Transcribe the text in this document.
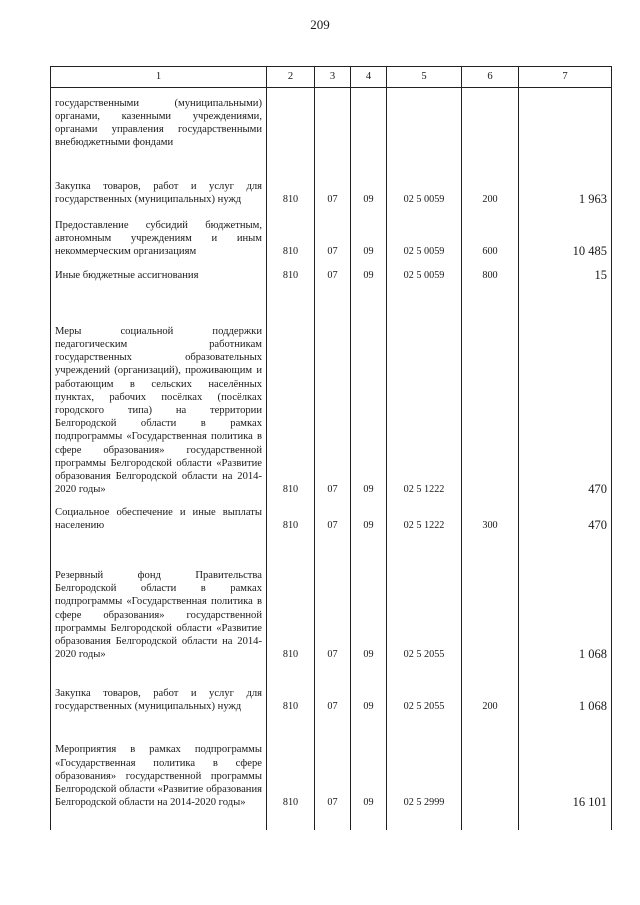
209
1	2	3	4	5	6	7
государственными (муниципальными) органами, казенными учреждениями, органами управления государственными внебюджетными фондами						
Закупка товаров, работ и услуг для государственных (муниципальных) нужд	810	07	09	02 5 0059	200	1 963
Предоставление субсидий бюджетным, автономным учреждениям и иным некоммерческим организациям	810	07	09	02 5 0059	600	10 485
Иные бюджетные ассигнования	810	07	09	02 5 0059	800	15
Меры социальной поддержки педагогическим работникам государственных образовательных учреждений (организаций), проживающим и работающим в сельских населённых пунктах, рабочих посёлках (посёлках городского типа) на территории Белгородской области в рамках подпрограммы «Государственная политика в сфере образования» государственной программы Белгородской области «Развитие образования Белгородской области на 2014-2020 годы»	810	07	09	02 5 1222		470
Социальное обеспечение и иные выплаты населению	810	07	09	02 5 1222	300	470
Резервный фонд Правительства Белгородской области в рамках подпрограммы «Государственная политика в сфере образования» государственной программы Белгородской области «Развитие образования Белгородской области на 2014-2020 годы»	810	07	09	02 5 2055		1 068
Закупка товаров, работ и услуг для государственных (муниципальных) нужд	810	07	09	02 5 2055	200	1 068
Мероприятия в рамках подпрограммы «Государственная политика в сфере образования» государственной программы Белгородской области «Развитие образования Белгородской области на 2014-2020 годы»	810	07	09	02 5 2999		16 101
